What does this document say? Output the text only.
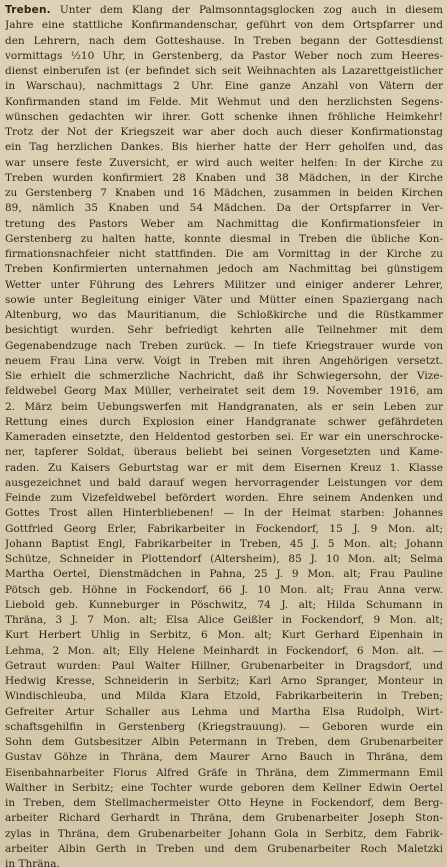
Treben. Unter dem Klang der Palmsonntagsglocken zog auch in diesem
Jahre eine stattliche Konfirmandenschar, geführt von dem Ortspfarrer und
den Lehrern, nach dem Gotteshause. In Treben begann der Gottesdienst
vormittags ½10 Uhr, in Gerstenberg, da Pastor Weber noch zum Heeres-
dienst einberufen ist (er befindet sich seit Weihnachten als Lazarettgeistlicher
in Warschau), nachmittags 2 Uhr. Eine ganze Anzahl von Vätern der
Konfirmanden stand im Felde. Mit Wehmut und den herzlichsten Segens-
wünschen gedachten wir ihrer. Gott schenke ihnen fröhliche Heimkehr!
Trotz der Not der Kriegszeit war aber doch auch dieser Konfirmationstag
ein Tag herzlichen Dankes. Bis hierher hatte der Herr geholfen und, das
war unsere feste Zuversicht, er wird auch weiter helfen: In der Kirche zu
Treben wurden konfirmiert 28 Knaben und 38 Mädchen, in der Kirche
zu Gerstenberg 7 Knaben und 16 Mädchen, zusammen in beiden Kirchen
89, nämlich 35 Knaben und 54 Mädchen. Da der Ortspfarrer in Ver-
tretung des Pastors Weber am Nachmittag die Konfirmationsfeier in
Gerstenberg zu halten hatte, konnte diesmal in Treben die übliche Kon-
firmationsnachfeier nicht stattfinden. Die am Vormittag in der Kirche zu
Treben Konfirmierten unternahmen jedoch am Nachmittag bei günstigem
Wetter unter Führung des Lehrers Militzer und einiger anderer Lehrer,
sowie unter Begleitung einiger Väter und Mütter einen Spaziergang nach
Altenburg, wo das Mauritianum, die Schloßkirche und die Rüstkammer
besichtigt wurden. Sehr befriedigt kehrten alle Teilnehmer mit dem
Gegenabendzuge nach Treben zurück. — In tiefe Kriegstrauer wurde von
neuem Frau Lina verw. Voigt in Treben mit ihren Angehörigen versetzt.
Sie erhielt die schmerzliche Nachricht, daß ihr Schwiegersohn, der Vize-
feldwebel Georg Max Müller, verheiratet seit dem 19. November 1916, am
2. März beim Uebungswerfen mit Handgranaten, als er sein Leben zur
Rettung eines durch Explosion einer Handgranate schwer gefährdeten
Kameraden einsetzte, den Heldentod gestorben sei. Er war ein unerschrocke-
ner, tapferer Soldat, überaus beliebt bei seinen Vorgesetzten und Kame-
raden. Zu Kaisers Geburtstag war er mit dem Eisernen Kreuz 1. Klasse
ausgezeichnet und bald darauf wegen hervorragender Leistungen vor dem
Feinde zum Vizefeldwebel befördert worden. Ehre seinem Andenken und
Gottes Trost allen Hinterbliebenen! — In der Heimat starben: Johannes
Gottfried Georg Erler, Fabrikarbeiter in Fockendorf, 15 J. 9 Mon. alt;
Johann Baptist Engl, Fabrikarbeiter in Treben, 45 J. 5 Mon. alt; Johann
Schütze, Schneider in Plottendorf (Altersheim), 85 J. 10 Mon. alt; Selma
Martha Oertel, Dienstmädchen in Pahna, 25 J. 9 Mon. alt; Frau Pauline
Pötsch geb. Höhne in Fockendorf, 66 J. 10 Mon. alt; Frau Anna verw.
Liebold geb. Kunneburger in Pöschwitz, 74 J. alt; Hilda Schumann in
Thräna, 3 J. 7 Mon. alt; Elsa Alice Geißler in Fockendorf, 9 Mon. alt;
Kurt Herbert Uhlig in Serbitz, 6 Mon. alt; Kurt Gerhard Eipenhain in
Lehma, 2 Mon. alt; Elly Helene Meinhardt in Fockendorf, 6 Mon. alt. —
Getraut wurden: Paul Walter Hillner, Grubenarbeiter in Dragsdorf, und
Hedwig Kresse, Schneiderin in Serbitz; Karl Arno Spranger, Monteur in
Windischleuba, und Milda Klara Etzold, Fabrikarbeiterin in Treben;
Gefreiter Artur Schaller aus Lehma und Martha Elsa Rudolph, Wirt-
schaftsgehilfin in Gerstenberg (Kriegstrauung). — Geboren wurde ein
Sohn dem Gutsbesitzer Albin Petermann in Treben, dem Grubenarbeiter
Gustav Göhze in Thräna, dem Maurer Arno Bauch in Thräna, dem
Eisenbahnarbeiter Florus Alfred Gräfe in Thräna, dem Zimmermann Emil
Walther in Serbitz; eine Tochter wurde geboren dem Kellner Edwin Oertel
in Treben, dem Stellmachermeister Otto Heyne in Fockendorf, dem Berg-
arbeiter Richard Gerhardt in Thräna, dem Grubenarbeiter Joseph Ston-
zylas in Thräna, dem Grubenarbeiter Johann Gola in Serbitz, dem Fabrik-
arbeiter Albin Gerth in Treben und dem Grubenarbeiter Roch Maletzki
in Thräna.
